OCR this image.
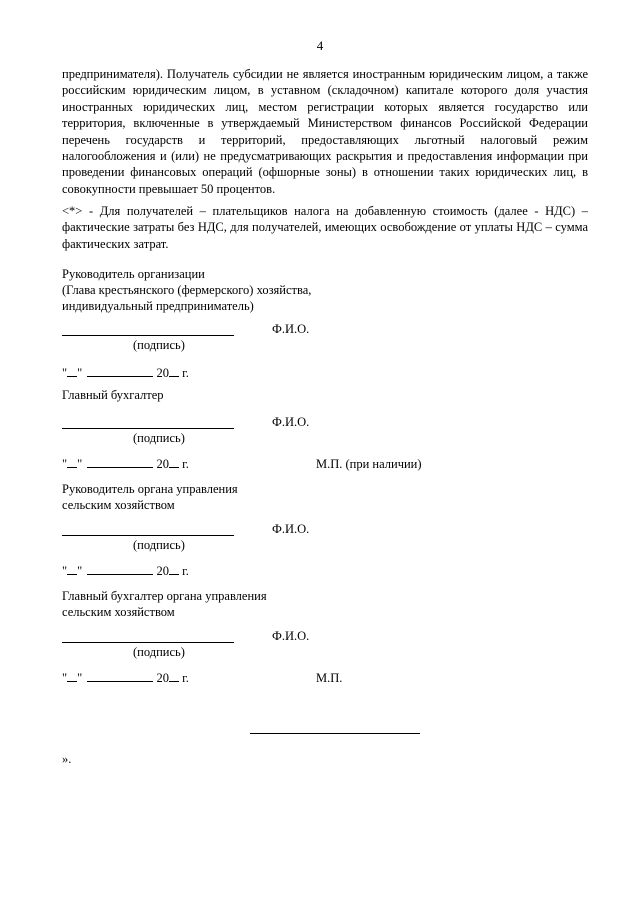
4
предпринимателя). Получатель субсидии не является иностранным юридическим лицом, а также
российским юридическим лицом, в уставном (складочном) капитале которого доля участия
иностранных юридических лиц, местом регистрации которых является государство или
территория, включенные в утверждаемый Министерством финансов Российской Федерации
перечень государств и территорий, предоставляющих льготный налоговый режим
налогообложения и (или) не предусматривающих раскрытия и предоставления информации при
проведении финансовых операций (офшорные зоны) в отношении таких юридических лиц, в
совокупности превышает 50 процентов.
<*> - Для получателей – плательщиков налога на добавленную стоимость (далее - НДС) –
фактические затраты без НДС, для получателей, имеющих освобождение от уплаты НДС – сумма
фактических затрат.
Руководитель организации
(Глава крестьянского (фермерского) хозяйства,
индивидуальный предприниматель)
Ф.И.О.
(подпись)
" "	20 г.
Главный бухгалтер
Ф.И.О.
(подпись)
" "	20 г.	М.П. (при наличии)
Руководитель органа управления
сельским хозяйством
Ф.И.О.
(подпись)
" "	20 г.
Главный бухгалтер органа управления
сельским хозяйством
Ф.И.О.
(подпись)
" "	20 г.	М.П.
».
